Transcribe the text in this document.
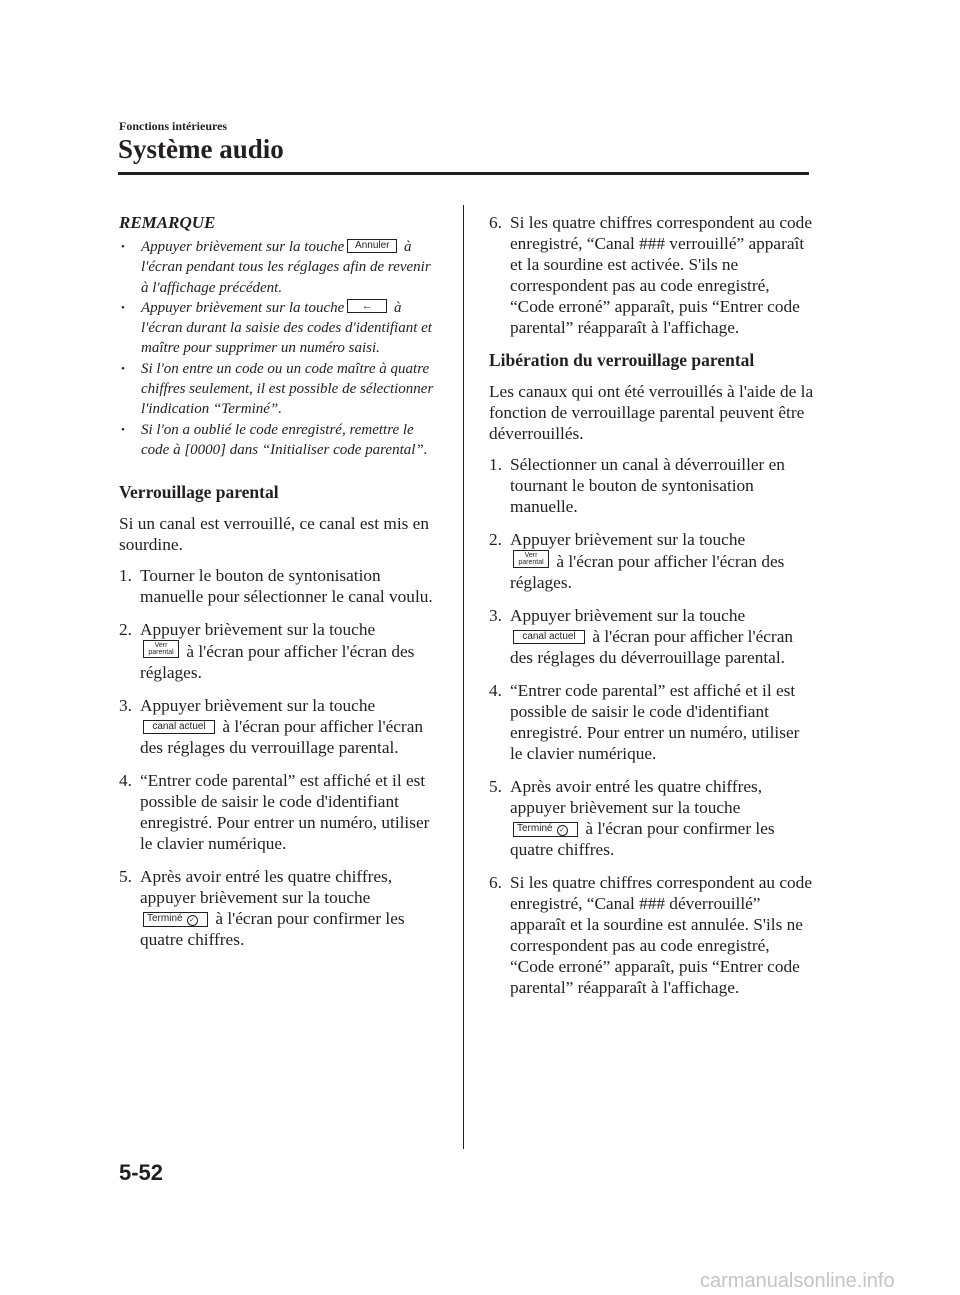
Fonctions intérieures
Système audio
REMARQUE
• Appuyer brièvement sur la touche Annuler à l'écran pendant tous les réglages afin de revenir à l'affichage précédent.
• Appuyer brièvement sur la touche ← à l'écran durant la saisie des codes d'identifiant et maître pour supprimer un numéro saisi.
• Si l'on entre un code ou un code maître à quatre chiffres seulement, il est possible de sélectionner l'indication “Terminé”.
• Si l'on a oublié le code enregistré, remettre le code à [0000] dans “Initialiser code parental”.
Verrouillage parental

Si un canal est verrouillé, ce canal est mis en sourdine.

1. Tourner le bouton de syntonisation manuelle pour sélectionner le canal voulu.
2. Appuyer brièvement sur la touche
Verr
parental à l'écran pour afficher l'écran des réglages.
3. Appuyer brièvement sur la touche
canal actuel à l'écran pour afficher l'écran des réglages du verrouillage parental.
4. “Entrer code parental” est affiché et il est possible de saisir le code d'identifiant enregistré. Pour entrer un numéro, utiliser le clavier numérique.
5. Après avoir entré les quatre chiffres, appuyer brièvement sur la touche
Terminé ✓ à l'écran pour confirmer les quatre chiffres.
6. Si les quatre chiffres correspondent au code enregistré, “Canal ### verrouillé” apparaît et la sourdine est activée. S'ils ne correspondent pas au code enregistré, “Code erroné” apparaît, puis “Entrer code parental” réapparaît à l'affichage.
Libération du verrouillage parental

Les canaux qui ont été verrouillés à l'aide de la fonction de verrouillage parental peuvent être déverrouillés.

1. Sélectionner un canal à déverrouiller en tournant le bouton de syntonisation manuelle.
2. Appuyer brièvement sur la touche
Verr
parental à l'écran pour afficher l'écran des réglages.
3. Appuyer brièvement sur la touche
canal actuel à l'écran pour afficher l'écran des réglages du déverrouillage parental.
4. “Entrer code parental” est affiché et il est possible de saisir le code d'identifiant enregistré. Pour entrer un numéro, utiliser le clavier numérique.
5. Après avoir entré les quatre chiffres, appuyer brièvement sur la touche
Terminé ✓ à l'écran pour confirmer les quatre chiffres.
6. Si les quatre chiffres correspondent au code enregistré, “Canal ### déverrouillé” apparaît et la sourdine est annulée. S'ils ne correspondent pas au code enregistré, “Code erroné” apparaît, puis “Entrer code parental” réapparaît à l'affichage.
5-52
carmanualsonline.info
